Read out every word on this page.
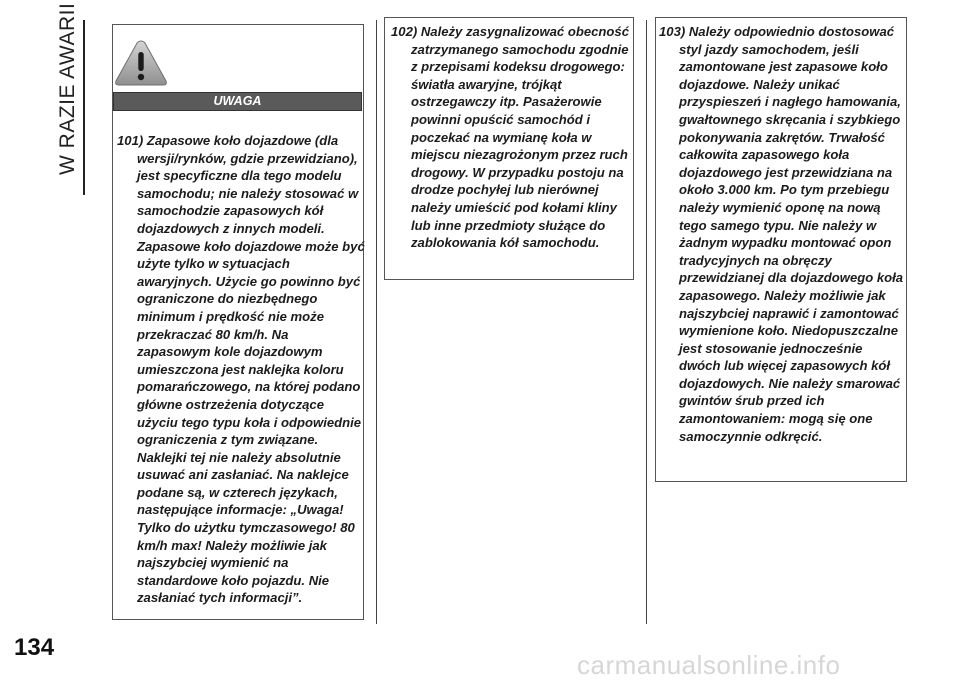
W RAZIE AWARII	UWAGA

101) Zapasowe koło dojazdowe (dla wersji/rynków, gdzie przewidziano), jest specyficzne dla tego modelu samochodu; nie należy stosować w samochodzie zapasowych kół dojazdowych z innych modeli. Zapasowe koło dojazdowe może być użyte tylko w sytuacjach awaryjnych. Użycie go powinno być ograniczone do niezbędnego minimum i prędkość nie może przekraczać 80 km/h. Na zapasowym kole dojazdowym umieszczona jest naklejka koloru pomarańczowego, na której podano główne ostrzeżenia dotyczące użyciu tego typu koła i odpowiednie ograniczenia z tym związane. Naklejki tej nie należy absolutnie usuwać ani zasłaniać. Na naklejce podane są, w czterech językach, następujące informacje: „Uwaga! Tylko do użytku tymczasowego! 80 km/h max! Należy możliwie jak najszybciej wymienić na standardowe koło pojazdu. Nie zasłaniać tych informacji”.

102) Należy zasygnalizować obecność zatrzymanego samochodu zgodnie z przepisami kodeksu drogowego: światła awaryjne, trójkąt ostrzegawczy itp. Pasażerowie powinni opuścić samochód i poczekać na wymianę koła w miejscu niezagrożonym przez ruch drogowy. W przypadku postoju na drodze pochyłej lub nierównej należy umieścić pod kołami kliny lub inne przedmioty służące do zablokowania kół samochodu.

103) Należy odpowiednio dostosować styl jazdy samochodem, jeśli zamontowane jest zapasowe koło dojazdowe. Należy unikać przyspieszeń i nagłego hamowania, gwałtownego skręcania i szybkiego pokonywania zakrętów. Trwałość całkowita zapasowego koła dojazdowego jest przewidziana na około 3.000 km. Po tym przebiegu należy wymienić oponę na nową tego samego typu. Nie należy w żadnym wypadku montować opon tradycyjnych na obręczy przewidzianej dla dojazdowego koła zapasowego. Należy możliwie jak najszybciej naprawić i zamontować wymienione koło. Niedopuszczalne jest stosowanie jednocześnie dwóch lub więcej zapasowych kół dojazdowych. Nie należy smarować gwintów śrub przed ich zamontowaniem: mogą się one samoczynnie odkręcić.

134
carmanualsonline.info
